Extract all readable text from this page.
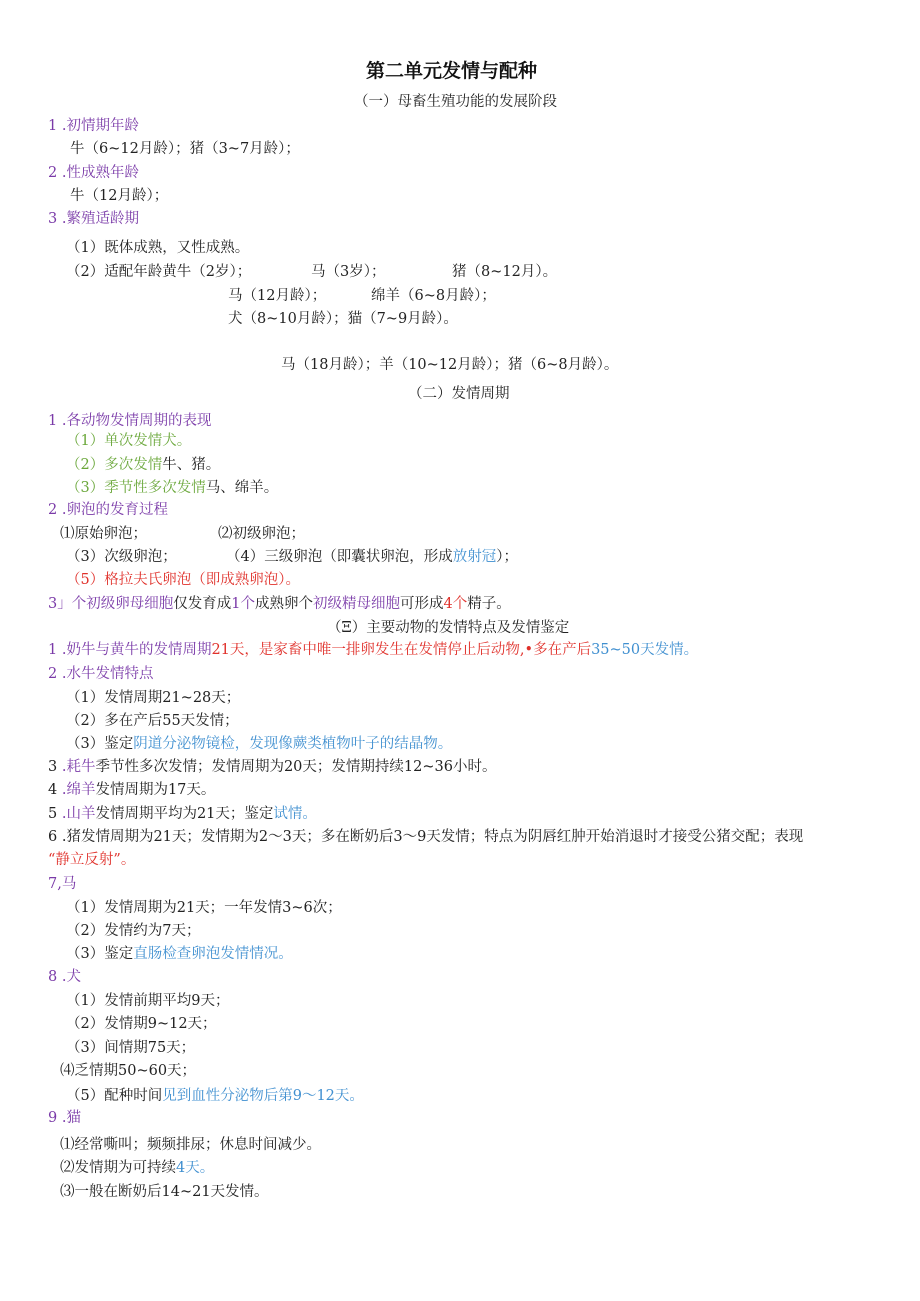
第二单元发情与配种
（一）母畜生殖功能的发展阶段
1 .初情期年龄
牛（6~12月龄）；猪（3~7月龄）；
2 .性成熟年龄
牛（12月龄）；
3 .繁殖适龄期
（1）既体成熟，又性成熟。
（2）适配年龄黄牛（2岁）；	马（3岁）；	猪（8~12月）。
马（12月龄）；	绵羊（6~8月龄）；
犬（8~10月龄）；猫（7~9月龄）。
马（18月龄）；羊（10~12月龄）；猪（6~8月龄）。
（二）发情周期
1 .各动物发情周期的表现
（1）单次发情犬。
（2）多次发情牛、猪。
（3）季节性多次发情马、绵羊。
2 .卵泡的发育过程
⑴原始卵泡；	⑵初级卵泡；
（3）次级卵泡；	（4）三级卵泡（即囊状卵泡，形成放射冠）；
（5）格拉夫氏卵泡（即成熟卵泡）。
3」个初级卵母细胞仅发育成1个成熟卵个初级精母细胞可形成4个精子。
（Ξ）主要动物的发情特点及发情鉴定
1 .奶牛与黄牛的发情周期21天，是家畜中唯一排卵发生在发情停止后动物,•多在产后35~50天发情。
2 .水牛发情特点
（1）发情周期21~28天；
（2）多在产后55天发情；
（3）鉴定阴道分泌物镜检，发现像蕨类植物叶子的结晶物。
3 .耗牛季节性多次发情；发情周期为20天；发情期持续12~36小时。
4 .绵羊发情周期为17天。
5 .山羊发情周期平均为21天；鉴定试情。
6 .猪发情周期为21天；发情期为2～3天；多在断奶后3～9天发情；特点为阴唇红肿开始消退时才接受公猪交配；表现
“静立反射”。
7,马
（1）发情周期为21天；一年发情3~6次；
（2）发情约为7天；
（3）鉴定直肠检查卵泡发情情况。
8 .犬
（1）发情前期平均9天；
（2）发情期9~12天；
（3）间情期75天；
⑷乏情期50~60天；
（5）配种时间见到血性分泌物后第9～12天。
9 .猫
⑴经常嘶叫；频频排尿；休息时间减少。
⑵发情期为可持续4天。
⑶一般在断奶后14~21天发情。
